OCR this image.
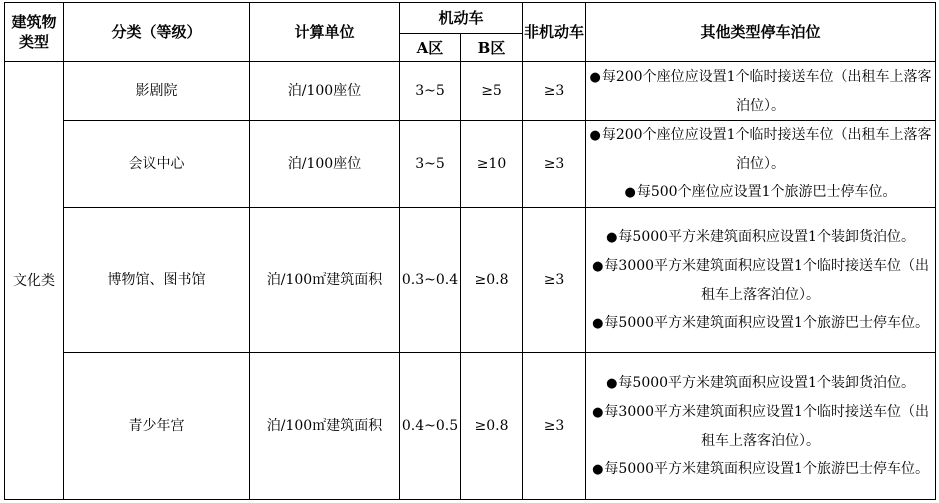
建筑物类型	分类（等级）	计算单位	机动车		非机动车	其他类型停车泊位
			A区	B区		
文化类	影剧院	泊/100座位	3~5	≥5	≥3	●每200个座位应设置1个临时接送车位（出租车上落客泊位）。

	会议中心	泊/100座位	3~5	≥10	≥3	●每200个座位应设置1个临时接送车位（出租车上落客泊位）。
●每500个座位应设置1个旅游巴士停车位。

	博物馆、图书馆	泊/100㎡建筑面积	0.3~0.4	≥0.8	≥3	●每5000平方米建筑面积应设置1个装卸货泊位。
●每3000平方米建筑面积应设置1个临时接送车位（出租车上落客泊位）。
●每5000平方米建筑面积应设置1个旅游巴士停车位。

	青少年宫	泊/100㎡建筑面积	0.4~0.5	≥0.8	≥3	●每5000平方米建筑面积应设置1个装卸货泊位。
●每3000平方米建筑面积应设置1个临时接送车位（出租车上落客泊位）。
●每5000平方米建筑面积应设置1个旅游巴士停车位。
